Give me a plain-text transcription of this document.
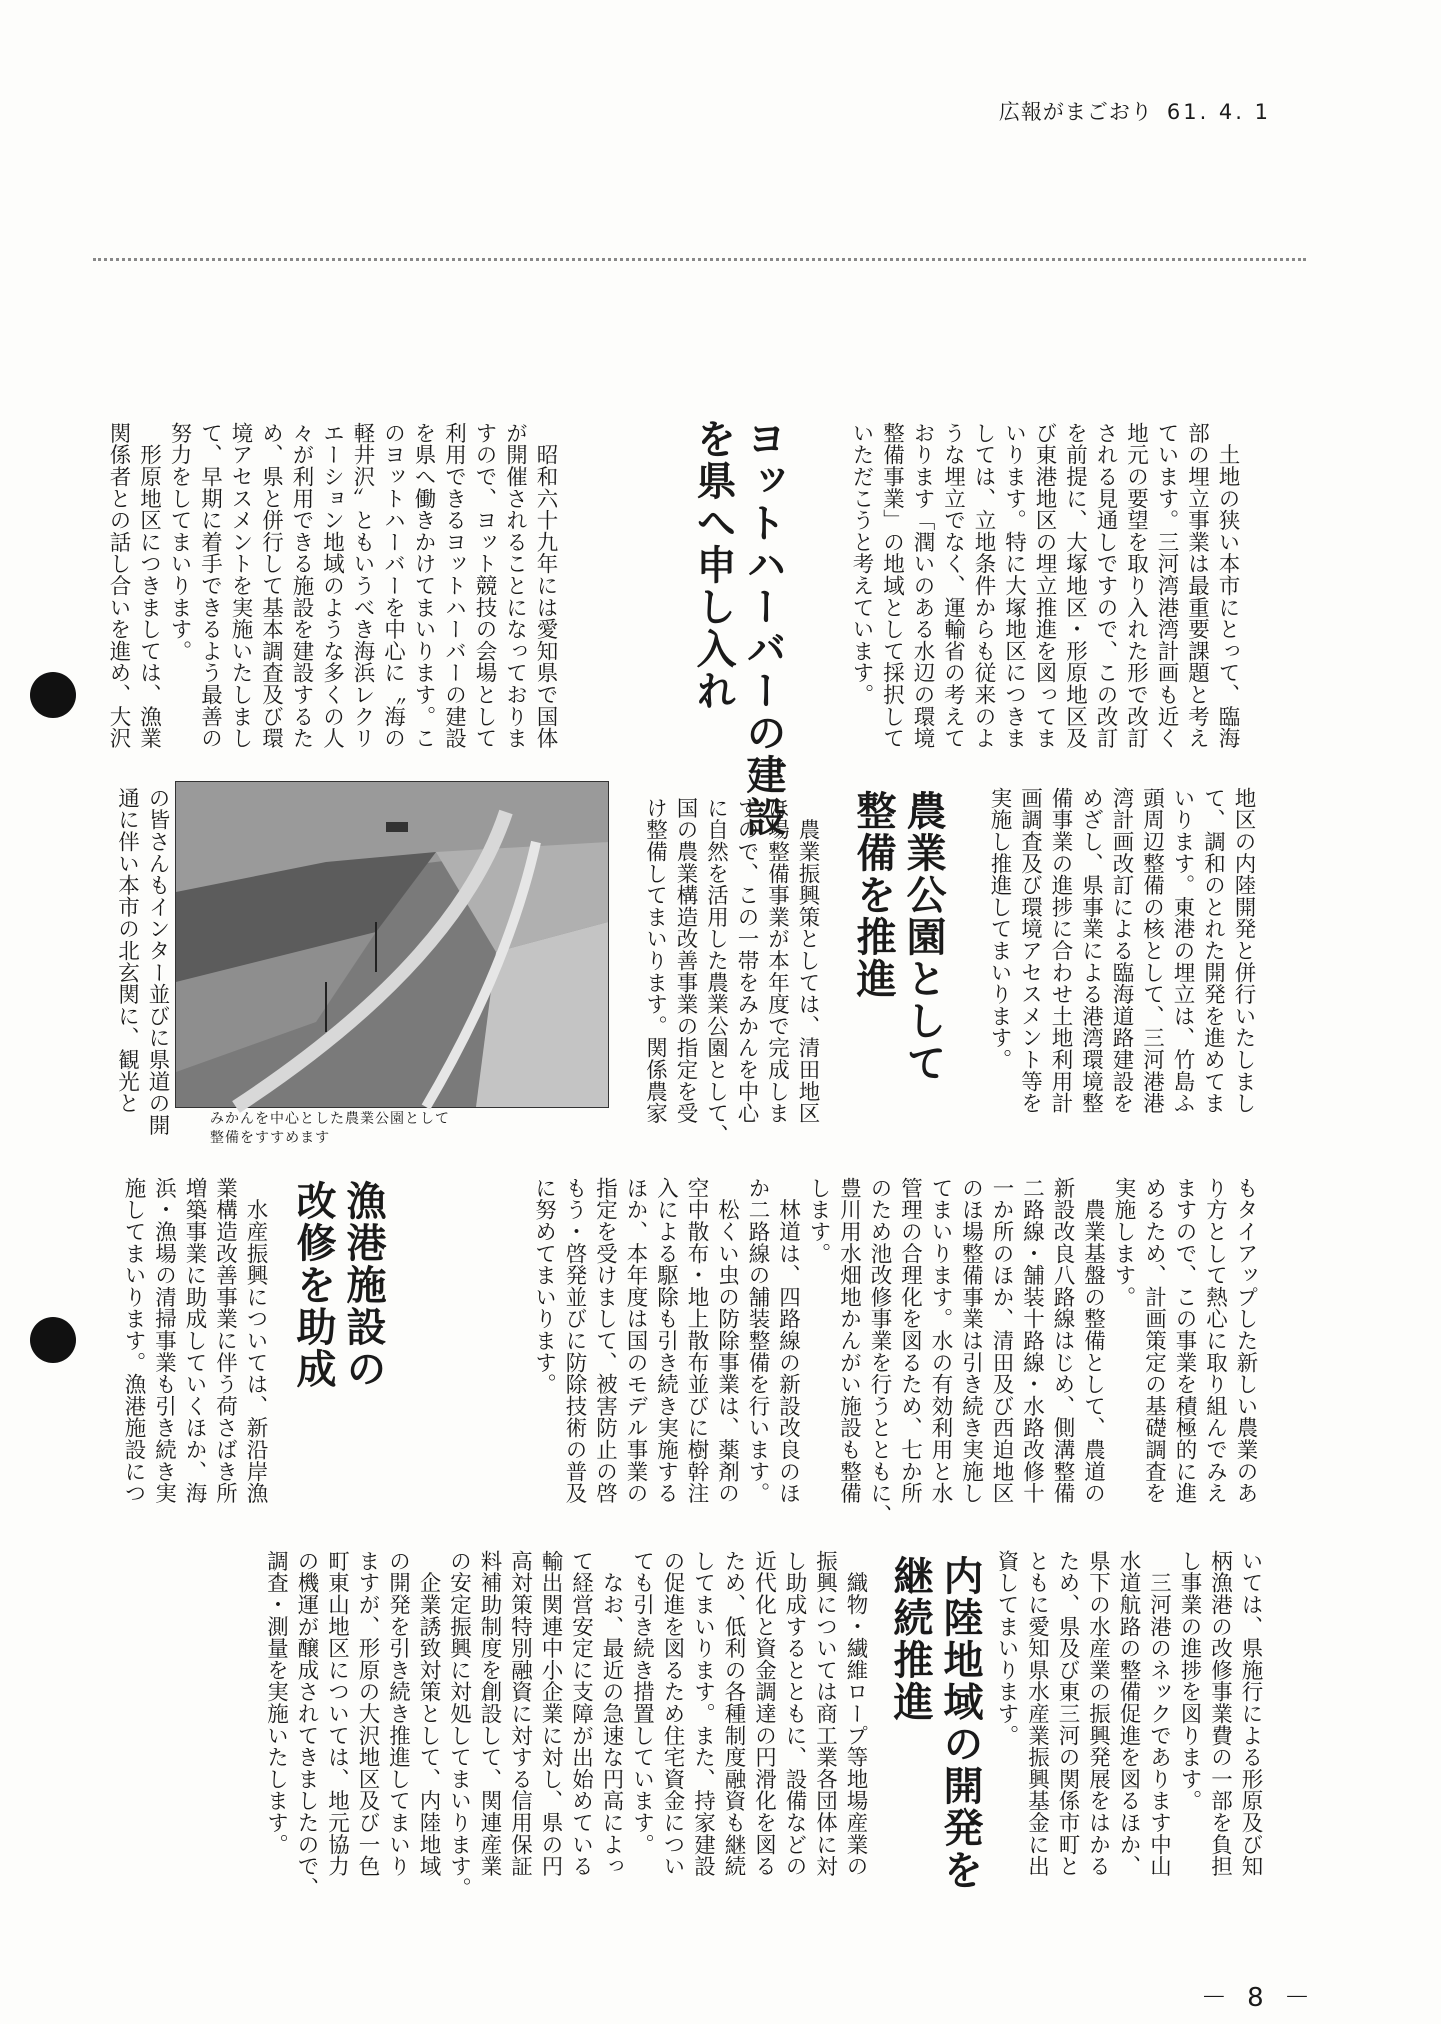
広報がまごおり 61. 4. 1
　土地の狭い本市にとって、臨海
部の埋立事業は最重要課題と考え
ています。三河湾港湾計画も近く
地元の要望を取り入れた形で改訂
される見通しですので、この改訂
を前提に、大塚地区・形原地区及
び東港地区の埋立推進を図ってま
いります。特に大塚地区につきま
しては、立地条件からも従来のよ
うな埋立でなく、運輸省の考えて
おります「潤いのある水辺の環境
整備事業」の地域として採択して
いただこうと考えています。
ヨットハーバーの建設
を県へ申し入れ
　昭和六十九年には愛知県で国体
が開催されることになっておりま
すので、ヨット競技の会場として
利用できるヨットハーバーの建設
を県へ働きかけてまいります。こ
のヨットハーバーを中心に〝海の
軽井沢〟ともいうべき海浜レクリ
エーション地域のような多くの人
々が利用できる施設を建設するた
め、県と併行して基本調査及び環
境アセスメントを実施いたしまし
て、早期に着手できるよう最善の
努力をしてまいります。
　形原地区につきましては、漁業
関係者との話し合いを進め、大沢
地区の内陸開発と併行いたしまし
て、調和のとれた開発を進めてま
いります。東港の埋立は、竹島ふ
頭周辺整備の核として、三河港港
湾計画改訂による臨海道路建設を
めざし、県事業による港湾環境整
備事業の進捗に合わせ土地利用計
画調査及び環境アセスメント等を
実施し推進してまいります。
農業公園として
整備を推進
　農業振興策としては、清田地区
ほ場整備事業が本年度で完成しま
すので、この一帯をみかんを中心
に自然を活用した農業公園として、
国の農業構造改善事業の指定を受
け整備してまいります。関係農家
みかんを中心とした農業公園として
整備をすすめます
の皆さんもインター並びに県道の開
通に伴い本市の北玄関に、観光と
もタイアップした新しい農業のあ
り方として熱心に取り組んでみえ
ますので、この事業を積極的に進
めるため、計画策定の基礎調査を
実施します。
　農業基盤の整備として、農道の
新設改良八路線はじめ、側溝整備
二路線・舗装十路線・水路改修十
一か所のほか、清田及び西迫地区
のほ場整備事業は引き続き実施し
てまいります。水の有効利用と水
管理の合理化を図るため、七か所
のため池改修事業を行うとともに、
豊川用水畑地かんがい施設も整備
します。
　林道は、四路線の新設改良のほ
か二路線の舗装整備を行います。
　松くい虫の防除事業は、薬剤の
空中散布・地上散布並びに樹幹注
入による駆除も引き続き実施する
ほか、本年度は国のモデル事業の
指定を受けまして、被害防止の啓
もう・啓発並びに防除技術の普及
に努めてまいります。
漁港施設の
改修を助成
　水産振興については、新沿岸漁
業構造改善事業に伴う荷さばき所
増築事業に助成していくほか、海
浜・漁場の清掃事業も引き続き実
施してまいります。漁港施設につ
いては、県施行による形原及び知
柄漁港の改修事業費の一部を負担
し事業の進捗を図ります。
　三河港のネックであります中山
水道航路の整備促進を図るほか、
県下の水産業の振興発展をはかる
ため、県及び東三河の関係市町と
ともに愛知県水産業振興基金に出
資してまいります。
内陸地域の開発を
継続推進
　織物・繊維ロープ等地場産業の
振興については商工業各団体に対
し助成するとともに、設備などの
近代化と資金調達の円滑化を図る
ため、低利の各種制度融資も継続
してまいります。また、持家建設
の促進を図るため住宅資金につい
ても引き続き措置しています。
　なお、最近の急速な円高によっ
て経営安定に支障が出始めている
輸出関連中小企業に対し、県の円
高対策特別融資に対する信用保証
料補助制度を創設して、関連産業
の安定振興に対処してまいります。
　企業誘致対策として、内陸地域
の開発を引き続き推進してまいり
ますが、形原の大沢地区及び一色
町東山地区については、地元協力
の機運が醸成されてきましたので、
調査・測量を実施いたします。
－ 8 －
